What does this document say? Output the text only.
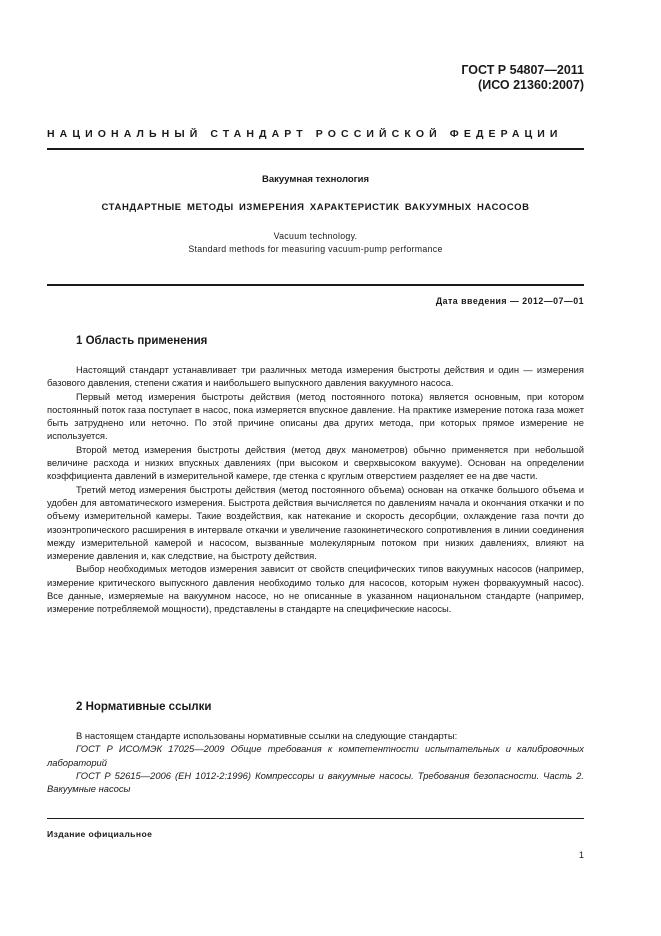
ГОСТ Р 54807—2011
(ИСО 21360:2007)
НАЦИОНАЛЬНЫЙ СТАНДАРТ РОССИЙСКОЙ ФЕДЕРАЦИИ
Вакуумная технология
СТАНДАРТНЫЕ МЕТОДЫ ИЗМЕРЕНИЯ ХАРАКТЕРИСТИК ВАКУУМНЫХ НАСОСОВ
Vacuum technology.
Standard methods for measuring vacuum-pump performance
Дата введения — 2012—07—01
1 Область применения

Настоящий стандарт устанавливает три различных метода измерения быстроты действия и один — измерения базового давления, степени сжатия и наибольшего выпускного давления вакуумного насоса.

Первый метод измерения быстроты действия (метод постоянного потока) является основным, при котором постоянный поток газа поступает в насос, пока измеряется впускное давление. На практике измерение потока газа может быть затруднено или неточно. По этой причине описаны два других метода, при которых прямое измерение не используется.

Второй метод измерения быстроты действия (метод двух манометров) обычно применяется при небольшой величине расхода и низких впускных давлениях (при высоком и сверхвысоком вакууме). Основан на определении коэффициента давлений в измерительной камере, где стенка с круглым отверстием разделяет ее на две части.

Третий метод измерения быстроты действия (метод постоянного объема) основан на откачке большого объема и удобен для автоматического измерения. Быстрота действия вычисляется по давлениям начала и окончания откачки и по объему измерительной камеры. Такие воздействия, как натекание и скорость десорбции, охлаждение газа почти до изоэнтропического расширения в интервале откачки и увеличение газокинетического сопротивления в линии соединения между измерительной камерой и насосом, вызванные молекулярным потоком при низких давлениях, влияют на измерение давления и, как следствие, на быстроту действия.

Выбор необходимых методов измерения зависит от свойств специфических типов вакуумных насосов (например, измерение критического выпускного давления необходимо только для насосов, которым нужен форвакуумный насос). Все данные, измеряемые на вакуумном насосе, но не описанные в указанном национальном стандарте (например, измерение потребляемой мощности), представлены в стандарте на специфические насосы.

2 Нормативные ссылки

В настоящем стандарте использованы нормативные ссылки на следующие стандарты:

ГОСТ Р ИСО/МЭК 17025—2009 Общие требования к компетентности испытательных и калибровочных лабораторий

ГОСТ Р 52615—2006 (ЕН 1012-2:1996) Компрессоры и вакуумные насосы. Требования безопасности. Часть 2. Вакуумные насосы

Издание официальное
1
